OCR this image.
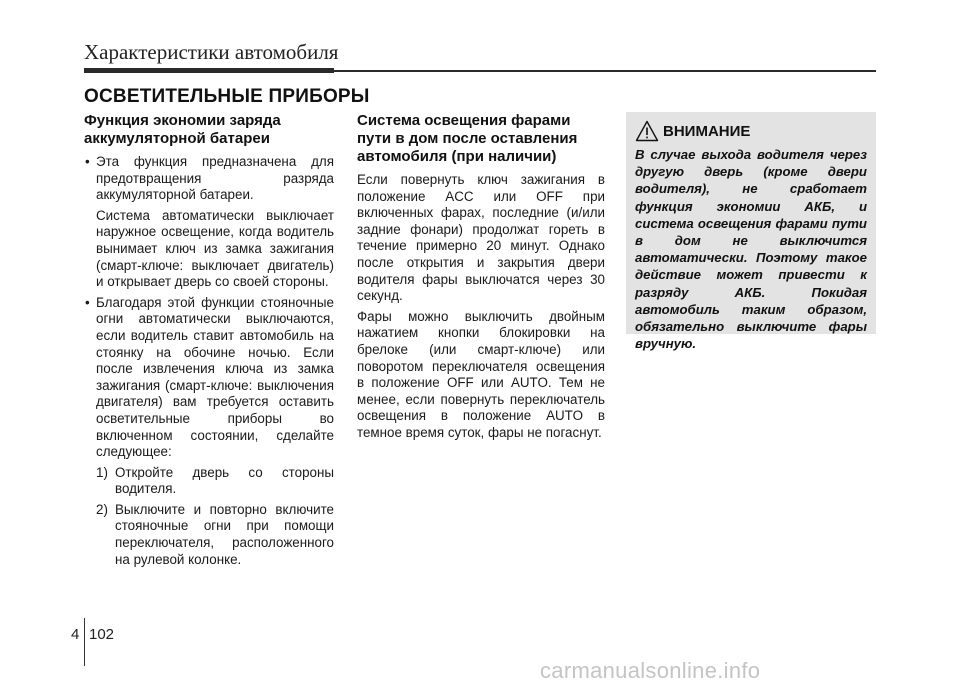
Характеристики автомобиля
ОСВЕТИТЕЛЬНЫЕ ПРИБОРЫ
Функция экономии заряда аккумуляторной батареи
• Эта функция предназначена для предотвращения разряда аккумуляторной батареи.
Система автоматически выключает наружное освещение, когда водитель вынимает ключ из замка зажигания (смарт-ключе: выключает двигатель) и открывает дверь со своей стороны.
• Благодаря этой функции стояночные огни автоматически выключаются, если водитель ставит автомобиль на стоянку на обочине ночью. Если после извлечения ключа из замка зажигания (смарт-ключе: выключения двигателя) вам требуется оставить осветительные приборы во включенном состоянии, сделайте следующее:
1) Откройте дверь со стороны водителя.
2) Выключите и повторно включите стояночные огни при помощи переключателя, расположенного на рулевой колонке.
Система освещения фарами пути в дом после оставления автомобиля (при наличии)

Если повернуть ключ зажигания в положение ACC или OFF при включенных фарах, последние (и/или задние фонари) продолжат гореть в течение примерно 20 минут. Однако после открытия и закрытия двери водителя фары выключатся через 30 секунд.

Фары можно выключить двойным нажатием кнопки блокировки на брелоке (или смарт-ключе) или поворотом переключателя освещения в положение OFF или AUTO. Тем не менее, если повернуть переключатель освещения в положение AUTO в темное время суток, фары не погаснут.

ВНИМАНИЕ

В случае выхода водителя через другую дверь (кроме двери водителя), не сработает функция экономии АКБ, и система освещения фарами пути в дом не выключится автоматически. Поэтому такое действие может привести к разряду АКБ. Покидая автомобиль таким образом, обязательно выключите фары вручную.

4 102
carmanualsonline.info
